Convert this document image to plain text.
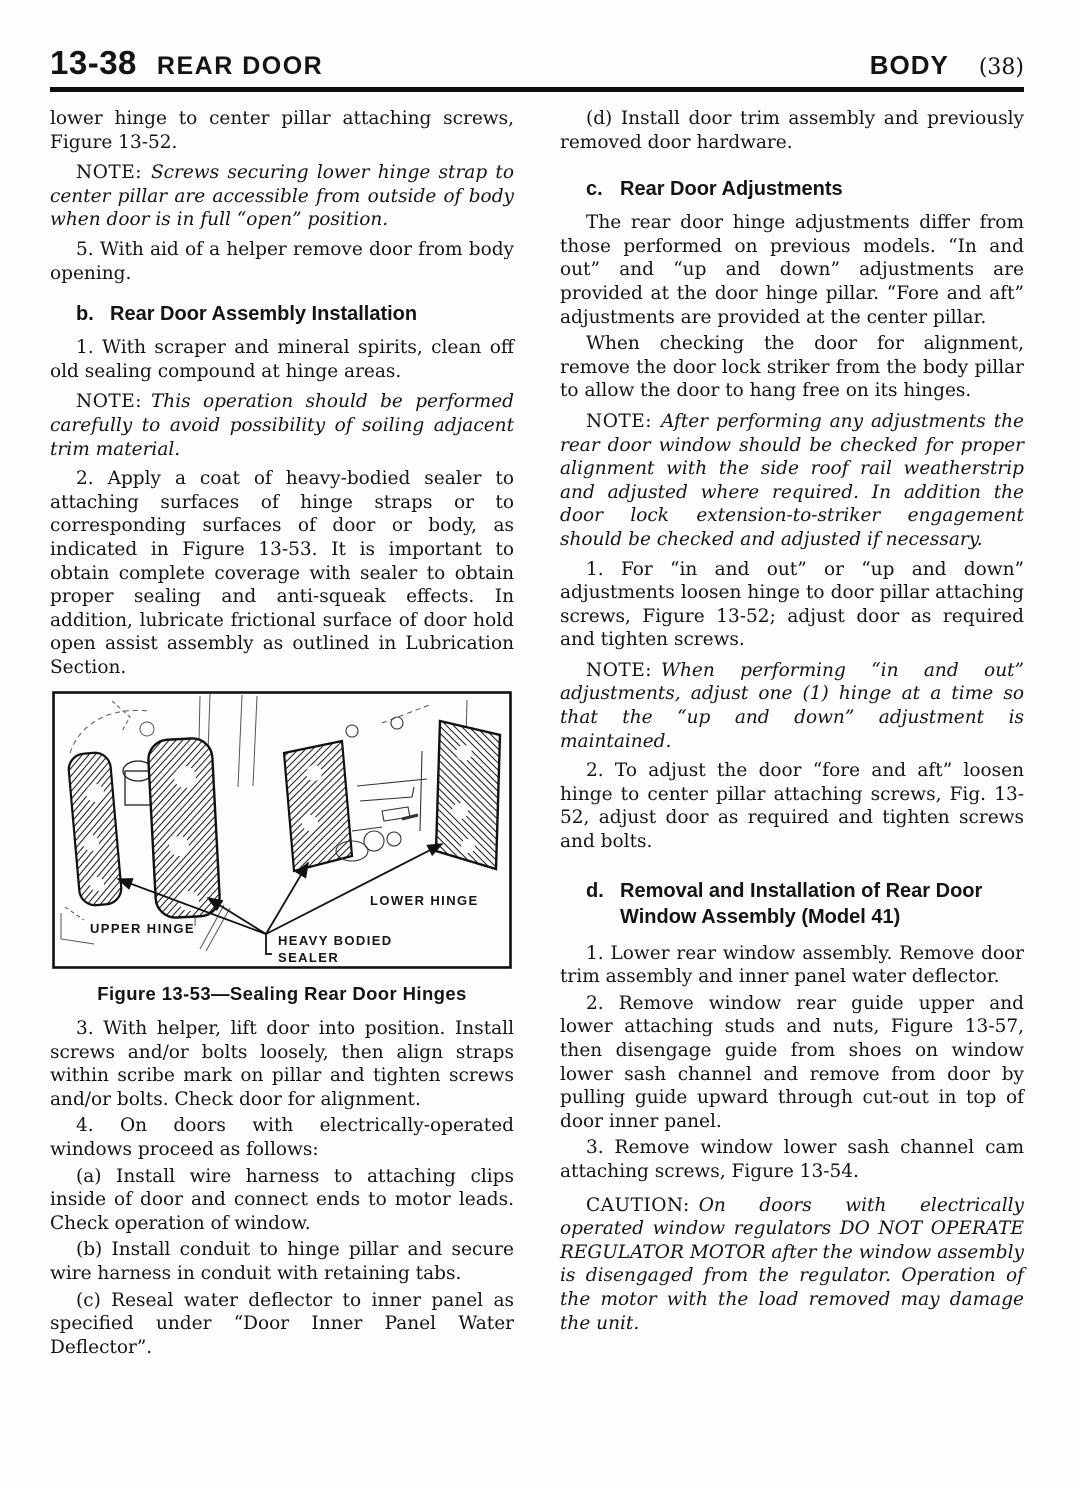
13-38 REAR DOOR	BODY (38)

lower hinge to center pillar attaching screws, Figure 13-52.

NOTE: Screws securing lower hinge strap to center pillar are accessible from outside of body when door is in full “open” position.

5. With aid of a helper remove door from body opening.

b. Rear Door Assembly Installation

1. With scraper and mineral spirits, clean off old sealing compound at hinge areas.

NOTE: This operation should be performed carefully to avoid possibility of soiling adjacent trim material.

2. Apply a coat of heavy-bodied sealer to attaching surfaces of hinge straps or to corresponding surfaces of door or body, as indicated in Figure 13-53. It is important to obtain complete coverage with sealer to obtain proper sealing and anti-squeak effects. In addition, lubricate frictional surface of door hold open assist assembly as outlined in Lubrication Section.

UPPER HINGE
LOWER HINGE
HEAVY BODIED
SEALER
Figure 13-53—Sealing Rear Door Hinges

3. With helper, lift door into position. Install screws and/or bolts loosely, then align straps within scribe mark on pillar and tighten screws and/or bolts. Check door for alignment.

4. On doors with electrically-operated windows proceed as follows:

(a) Install wire harness to attaching clips inside of door and connect ends to motor leads. Check operation of window.

(b) Install conduit to hinge pillar and secure wire harness in conduit with retaining tabs.

(c) Reseal water deflector to inner panel as specified under “Door Inner Panel Water Deflector”.

(d) Install door trim assembly and previously removed door hardware.

c. Rear Door Adjustments

The rear door hinge adjustments differ from those performed on previous models. “In and out” and “up and down” adjustments are provided at the door hinge pillar. “Fore and aft” adjustments are provided at the center pillar.

When checking the door for alignment, remove the door lock striker from the body pillar to allow the door to hang free on its hinges.

NOTE: After performing any adjustments the rear door window should be checked for proper alignment with the side roof rail weatherstrip and adjusted where required. In addition the door lock extension-to-striker engagement should be checked and adjusted if necessary.

1. For “in and out” or “up and down” adjustments loosen hinge to door pillar attaching screws, Figure 13-52; adjust door as required and tighten screws.

NOTE: When performing “in and out” adjustments, adjust one (1) hinge at a time so that the “up and down” adjustment is maintained.

2. To adjust the door “fore and aft” loosen hinge to center pillar attaching screws, Fig. 13-52, adjust door as required and tighten screws and bolts.

d. Removal and Installation of Rear Door
Window Assembly (Model 41)

1. Lower rear window assembly. Remove door trim assembly and inner panel water deflector.

2. Remove window rear guide upper and lower attaching studs and nuts, Figure 13-57, then disengage guide from shoes on window lower sash channel and remove from door by pulling guide upward through cut-out in top of door inner panel.

3. Remove window lower sash channel cam attaching screws, Figure 13-54.

CAUTION: On doors with electrically operated window regulators DO NOT OPERATE REGULATOR MOTOR after the window assembly is disengaged from the regulator. Operation of the motor with the load removed may damage the unit.
